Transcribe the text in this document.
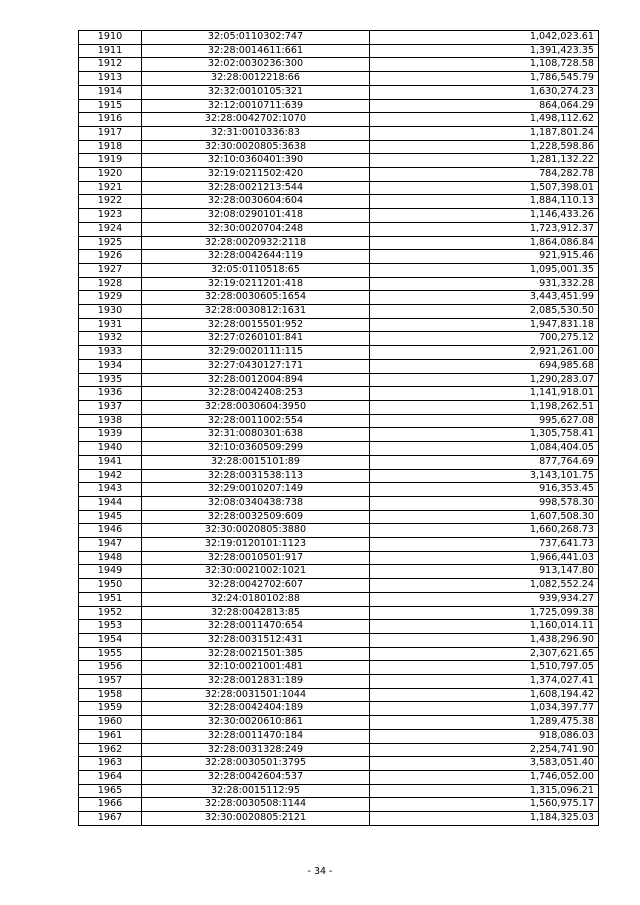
1910	32:05:0110302:747	1,042,023.61
1911	32:28:0014611:661	1,391,423.35
1912	32:02:0030236:300	1,108,728.58
1913	32:28:0012218:66	1,786,545.79
1914	32:32:0010105:321	1,630,274.23
1915	32:12:0010711:639	864,064.29
1916	32:28:0042702:1070	1,498,112.62
1917	32:31:0010336:83	1,187,801.24
1918	32:30:0020805:3638	1,228,598.86
1919	32:10:0360401:390	1,281,132.22
1920	32:19:0211502:420	784,282.78
1921	32:28:0021213:544	1,507,398.01
1922	32:28:0030604:604	1,884,110.13
1923	32:08:0290101:418	1,146,433.26
1924	32:30:0020704:248	1,723,912.37
1925	32:28:0020932:2118	1,864,086.84
1926	32:28:0042644:119	921,915.46
1927	32:05:0110518:65	1,095,001.35
1928	32:19:0211201:418	931,332.28
1929	32:28:0030605:1654	3,443,451.99
1930	32:28:0030812:1631	2,085,530.50
1931	32:28:0015501:952	1,947,831.18
1932	32:27:0260101:841	700,275.12
1933	32:29:0020111:115	2,921,261.00
1934	32:27:0430127:171	694,985.68
1935	32:28:0012004:894	1,290,283.07
1936	32:28:0042408:253	1,141,918.01
1937	32:28:0030604:3950	1,198,262.51
1938	32:28:0011002:554	995,627.08
1939	32:31:0080301:638	1,305,758.41
1940	32:10:0360509:299	1,084,404.05
1941	32:28:0015101:89	877,764.69
1942	32:28:0031538:113	3,143,101.75
1943	32:29:0010207:149	916,353.45
1944	32:08:0340438:738	998,578.30
1945	32:28:0032509:609	1,607,508.30
1946	32:30:0020805:3880	1,660,268.73
1947	32:19:0120101:1123	737,641.73
1948	32:28:0010501:917	1,966,441.03
1949	32:30:0021002:1021	913,147.80
1950	32:28:0042702:607	1,082,552.24
1951	32:24:0180102:88	939,934.27
1952	32:28:0042813:85	1,725,099.38
1953	32:28:0011470:654	1,160,014.11
1954	32:28:0031512:431	1,438,296.90
1955	32:28:0021501:385	2,307,621.65
1956	32:10:0021001:481	1,510,797.05
1957	32:28:0012831:189	1,374,027.41
1958	32:28:0031501:1044	1,608,194.42
1959	32:28:0042404:189	1,034,397.77
1960	32:30:0020610:861	1,289,475.38
1961	32:28:0011470:184	918,086.03
1962	32:28:0031328:249	2,254,741.90
1963	32:28:0030501:3795	3,583,051.40
1964	32:28:0042604:537	1,746,052.00
1965	32:28:0015112:95	1,315,096.21
1966	32:28:0030508:1144	1,560,975.17
1967	32:30:0020805:2121	1,184,325.03
- 34 -
